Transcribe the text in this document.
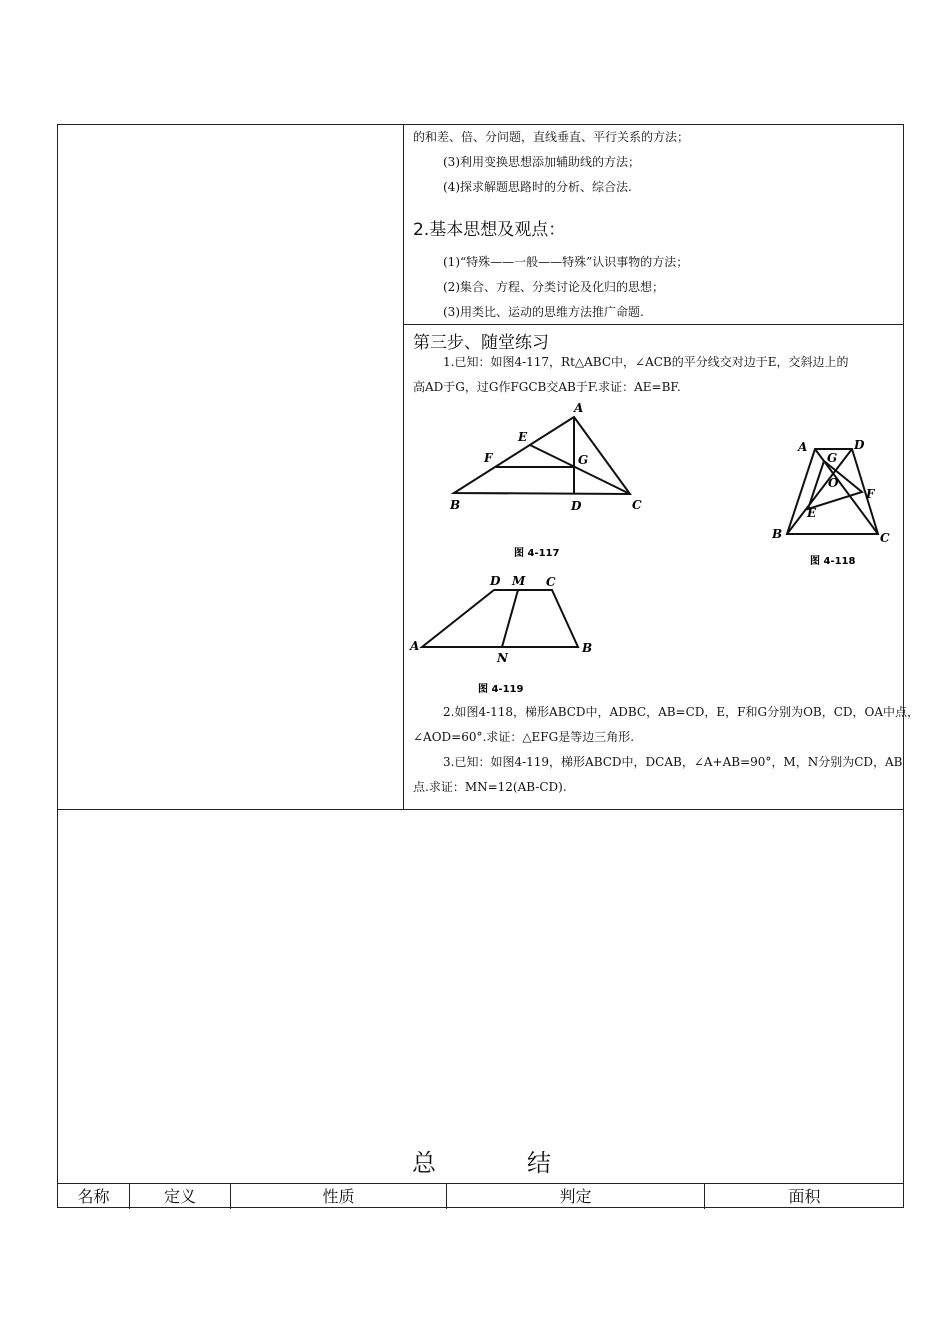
的和差、倍、分问题，直线垂直、平行关系的方法；
(3)利用变换思想添加辅助线的方法；
(4)探求解题思路时的分析、综合法.
2.基本思想及观点：
(1)“特殊——一般——特殊”认识事物的方法；
(2)集合、方程、分类讨论及化归的思想；
(3)用类比、运动的思维方法推广命题.
第三步、随堂练习
1.已知：如图4-117，Rt△ABC中，∠ACB的平分线交对边于E，交斜边上的
高AD于G，过G作FGCB交AB于F.求证：AE=BF.
A
B	C
D
E
F	G
图 4-117
A	D
B	C
G
O
F
E
图 4-118
D M C
A	B
N
图 4-119
2.如图4-118，梯形ABCD中，ADBC，AB=CD，E，F和G分别为OB，CD，OA中点，
∠AOD=60°.求证：△EFG是等边三角形.
3.已知：如图4-119，梯形ABCD中，DCAB，∠A+AB=90°，M，N分别为CD，AB
点.求证：MN=12(AB-CD).
总	结
名称	定义	性质	判定	面积
